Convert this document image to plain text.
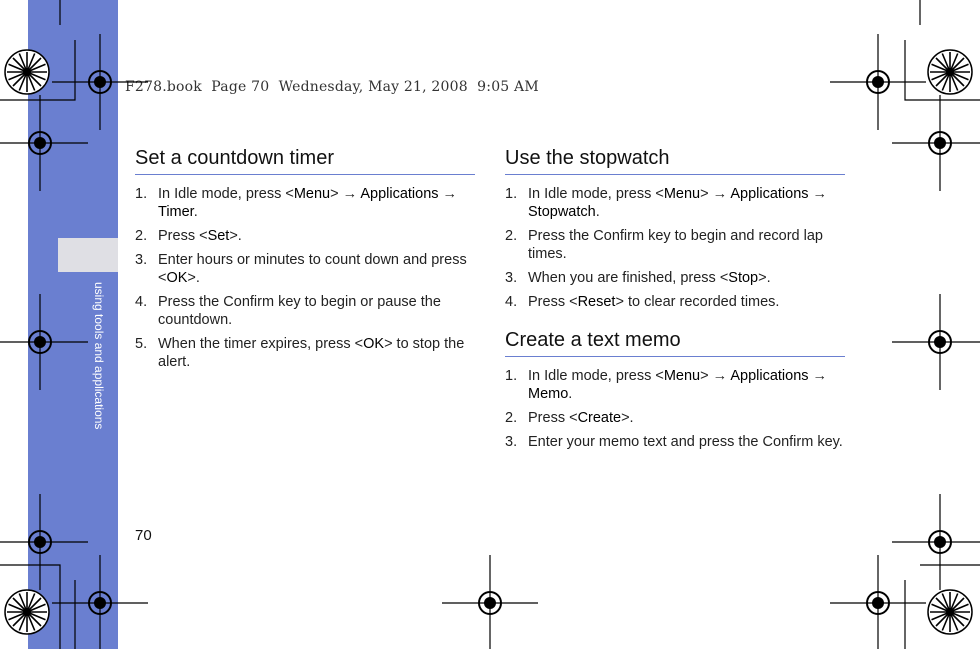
using tools and applications
F278.book  Page 70  Wednesday, May 21, 2008  9:05 AM
Set a countdown timer
1. In Idle mode, press <Menu> → Applications → Timer.
2. Press <Set>.
3. Enter hours or minutes to count down and press <OK>.
4. Press the Confirm key to begin or pause the countdown.
5. When the timer expires, press <OK> to stop the alert.
Use the stopwatch
1. In Idle mode, press <Menu> → Applications → Stopwatch.
2. Press the Confirm key to begin and record lap times.
3. When you are finished, press <Stop>.
4. Press <Reset> to clear recorded times.
Create a text memo
1. In Idle mode, press <Menu> → Applications → Memo.
2. Press <Create>.
3. Enter your memo text and press the Confirm key.
70
